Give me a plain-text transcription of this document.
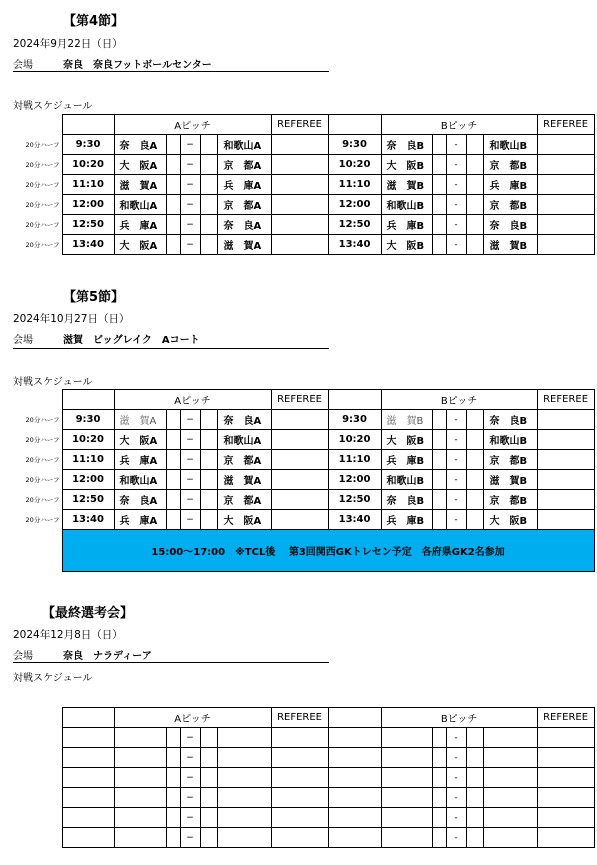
【第4節】
2024年9月22日（日）
会場	奈良　奈良フットボールセンター
対戦スケジュール
		Aピッチ					REFEREE		Bピッチ					REFEREE
20分ハーフ	9:30	奈　良A		−		和歌山A		9:30	奈　良B		-		和歌山B	
20分ハーフ	10:20	大　阪A		−		京　都A		10:20	大　阪B		-		京　都B	
20分ハーフ	11:10	滋　賀A		−		兵　庫A		11:10	滋　賀B		-		兵　庫B	
20分ハーフ	12:00	和歌山A		−		京　都A		12:00	和歌山B		-		京　都B	
20分ハーフ	12:50	兵　庫A		−		奈　良A		12:50	兵　庫B		-		奈　良B	
20分ハーフ	13:40	大　阪A		−		滋　賀A		13:40	大　阪B		-		滋　賀B	
【第5節】
2024年10月27日（日）
会場	滋賀　ビッグレイク　Aコート
対戦スケジュール
		Aピッチ					REFEREE		Bピッチ					REFEREE
20分ハーフ	9:30	滋　賀A		−		奈　良A		9:30	滋　賀B		-		奈　良B	
20分ハーフ	10:20	大　阪A		−		和歌山A		10:20	大　阪B		-		和歌山B	
20分ハーフ	11:10	兵　庫A		−		京　都A		11:10	兵　庫B		-		京　都B	
20分ハーフ	12:00	和歌山A		−		滋　賀A		12:00	和歌山B		-		滋　賀B	
20分ハーフ	12:50	奈　良A		−		京　都A		12:50	奈　良B		-		京　都B	
20分ハーフ	13:40	兵　庫A		−		大　阪A		13:40	兵　庫B		-		大　阪B	
	15:00〜17:00　※TCL後　 第3回関西GKトレセン予定　各府県GK2名参加													
【最終選考会】
2024年12月8日（日）
会場	奈良　ナラディーア
対戦スケジュール
		Aピッチ					REFEREE		Bピッチ					REFEREE
				−							-			
				−							-			
				−							-			
				−							-			
				−							-			
				−							-			
